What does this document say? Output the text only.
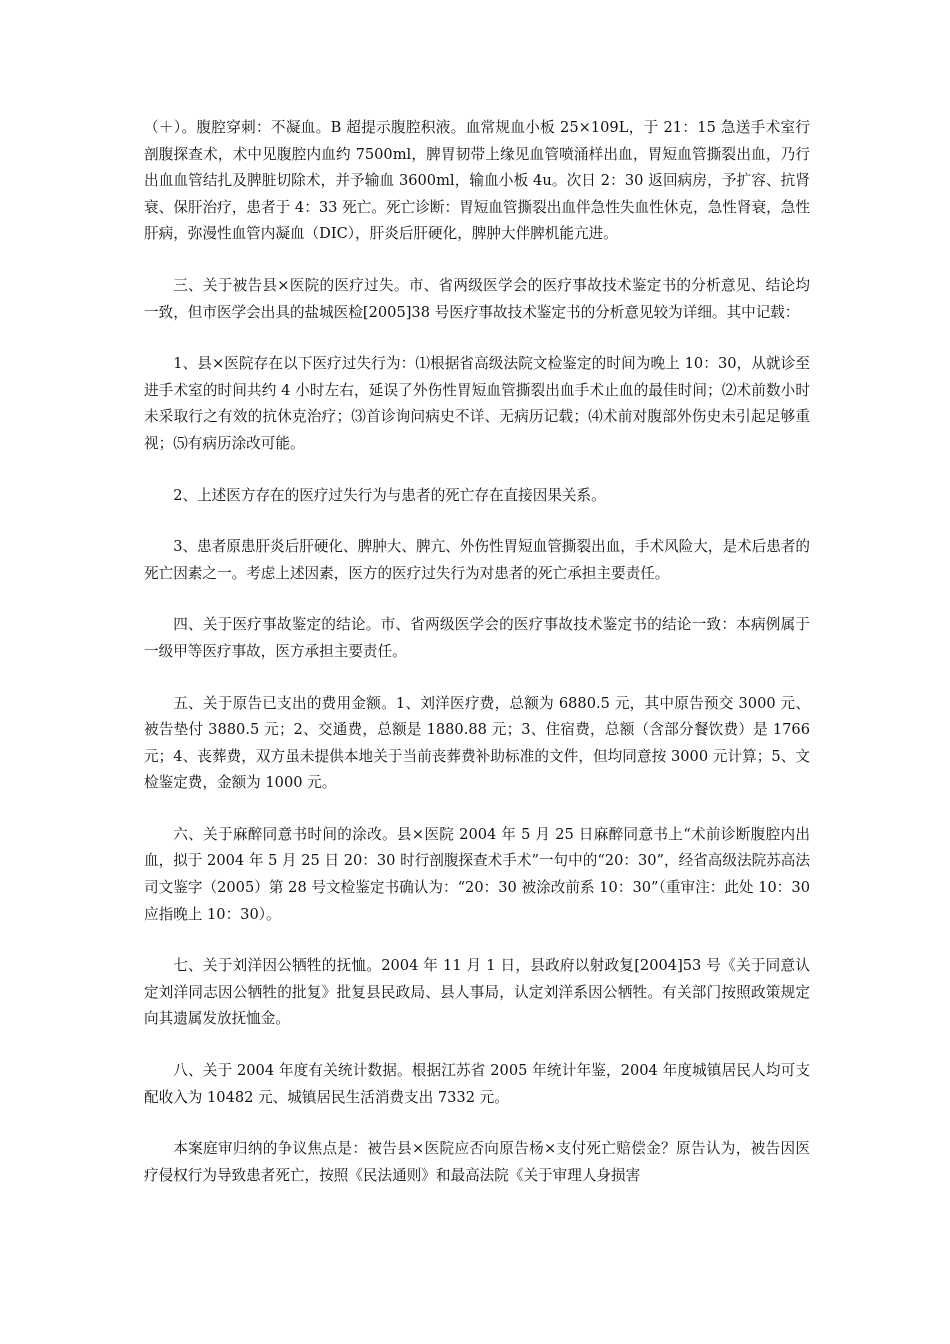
（＋）。腹腔穿刺：不凝血。B 超提示腹腔积液。血常规血小板 25×109L，于 21：15 急送手术室行剖腹探查术，术中见腹腔内血约 7500ml，脾胃韧带上缘见血管喷涌样出血，胃短血管撕裂出血，乃行出血血管结扎及脾脏切除术，并予输血 3600ml，输血小板 4u。次日 2：30 返回病房，予扩容、抗肾衰、保肝治疗，患者于 4：33 死亡。死亡诊断：胃短血管撕裂出血伴急性失血性休克，急性肾衰，急性肝病，弥漫性血管内凝血（DIC），肝炎后肝硬化，脾肿大伴脾机能亢进。

三、关于被告县×医院的医疗过失。市、省两级医学会的医疗事故技术鉴定书的分析意见、结论均一致，但市医学会出具的盐城医检[2005]38 号医疗事故技术鉴定书的分析意见较为详细。其中记载：

1、县×医院存在以下医疗过失行为：⑴根据省高级法院文检鉴定的时间为晚上 10：30，从就诊至进手术室的时间共约 4 小时左右，延误了外伤性胃短血管撕裂出血手术止血的最佳时间；⑵术前数小时未采取行之有效的抗休克治疗；⑶首诊询问病史不详、无病历记载；⑷术前对腹部外伤史未引起足够重视；⑸有病历涂改可能。

2、上述医方存在的医疗过失行为与患者的死亡存在直接因果关系。

3、患者原患肝炎后肝硬化、脾肿大、脾亢、外伤性胃短血管撕裂出血，手术风险大，是术后患者的死亡因素之一。考虑上述因素，医方的医疗过失行为对患者的死亡承担主要责任。

四、关于医疗事故鉴定的结论。市、省两级医学会的医疗事故技术鉴定书的结论一致：本病例属于一级甲等医疗事故，医方承担主要责任。

五、关于原告已支出的费用金额。1、刘洋医疗费，总额为 6880.5 元，其中原告预交 3000 元、被告垫付 3880.5 元；2、交通费，总额是 1880.88 元；3、住宿费，总额（含部分餐饮费）是 1766 元；4、丧葬费，双方虽未提供本地关于当前丧葬费补助标准的文件，但均同意按 3000 元计算；5、文检鉴定费，金额为 1000 元。

六、关于麻醉同意书时间的涂改。县×医院 2004 年 5 月 25 日麻醉同意书上“术前诊断腹腔内出血，拟于 2004 年 5 月 25 日 20：30 时行剖腹探查术手术”一句中的“20：30”，经省高级法院苏高法司文鉴字（2005）第 28 号文检鉴定书确认为：“20：30 被涂改前系 10：30”（重审注：此处 10：30 应指晚上 10：30）。

七、关于刘洋因公牺牲的抚恤。2004 年 11 月 1 日，县政府以射政复[2004]53 号《关于同意认定刘洋同志因公牺牲的批复》批复县民政局、县人事局，认定刘洋系因公牺牲。有关部门按照政策规定向其遗属发放抚恤金。

八、关于 2004 年度有关统计数据。根据江苏省 2005 年统计年鉴，2004 年度城镇居民人均可支配收入为 10482 元、城镇居民生活消费支出 7332 元。

本案庭审归纳的争议焦点是：被告县×医院应否向原告杨×支付死亡赔偿金？原告认为，被告因医疗侵权行为导致患者死亡，按照《民法通则》和最高法院《关于审理人身损害
